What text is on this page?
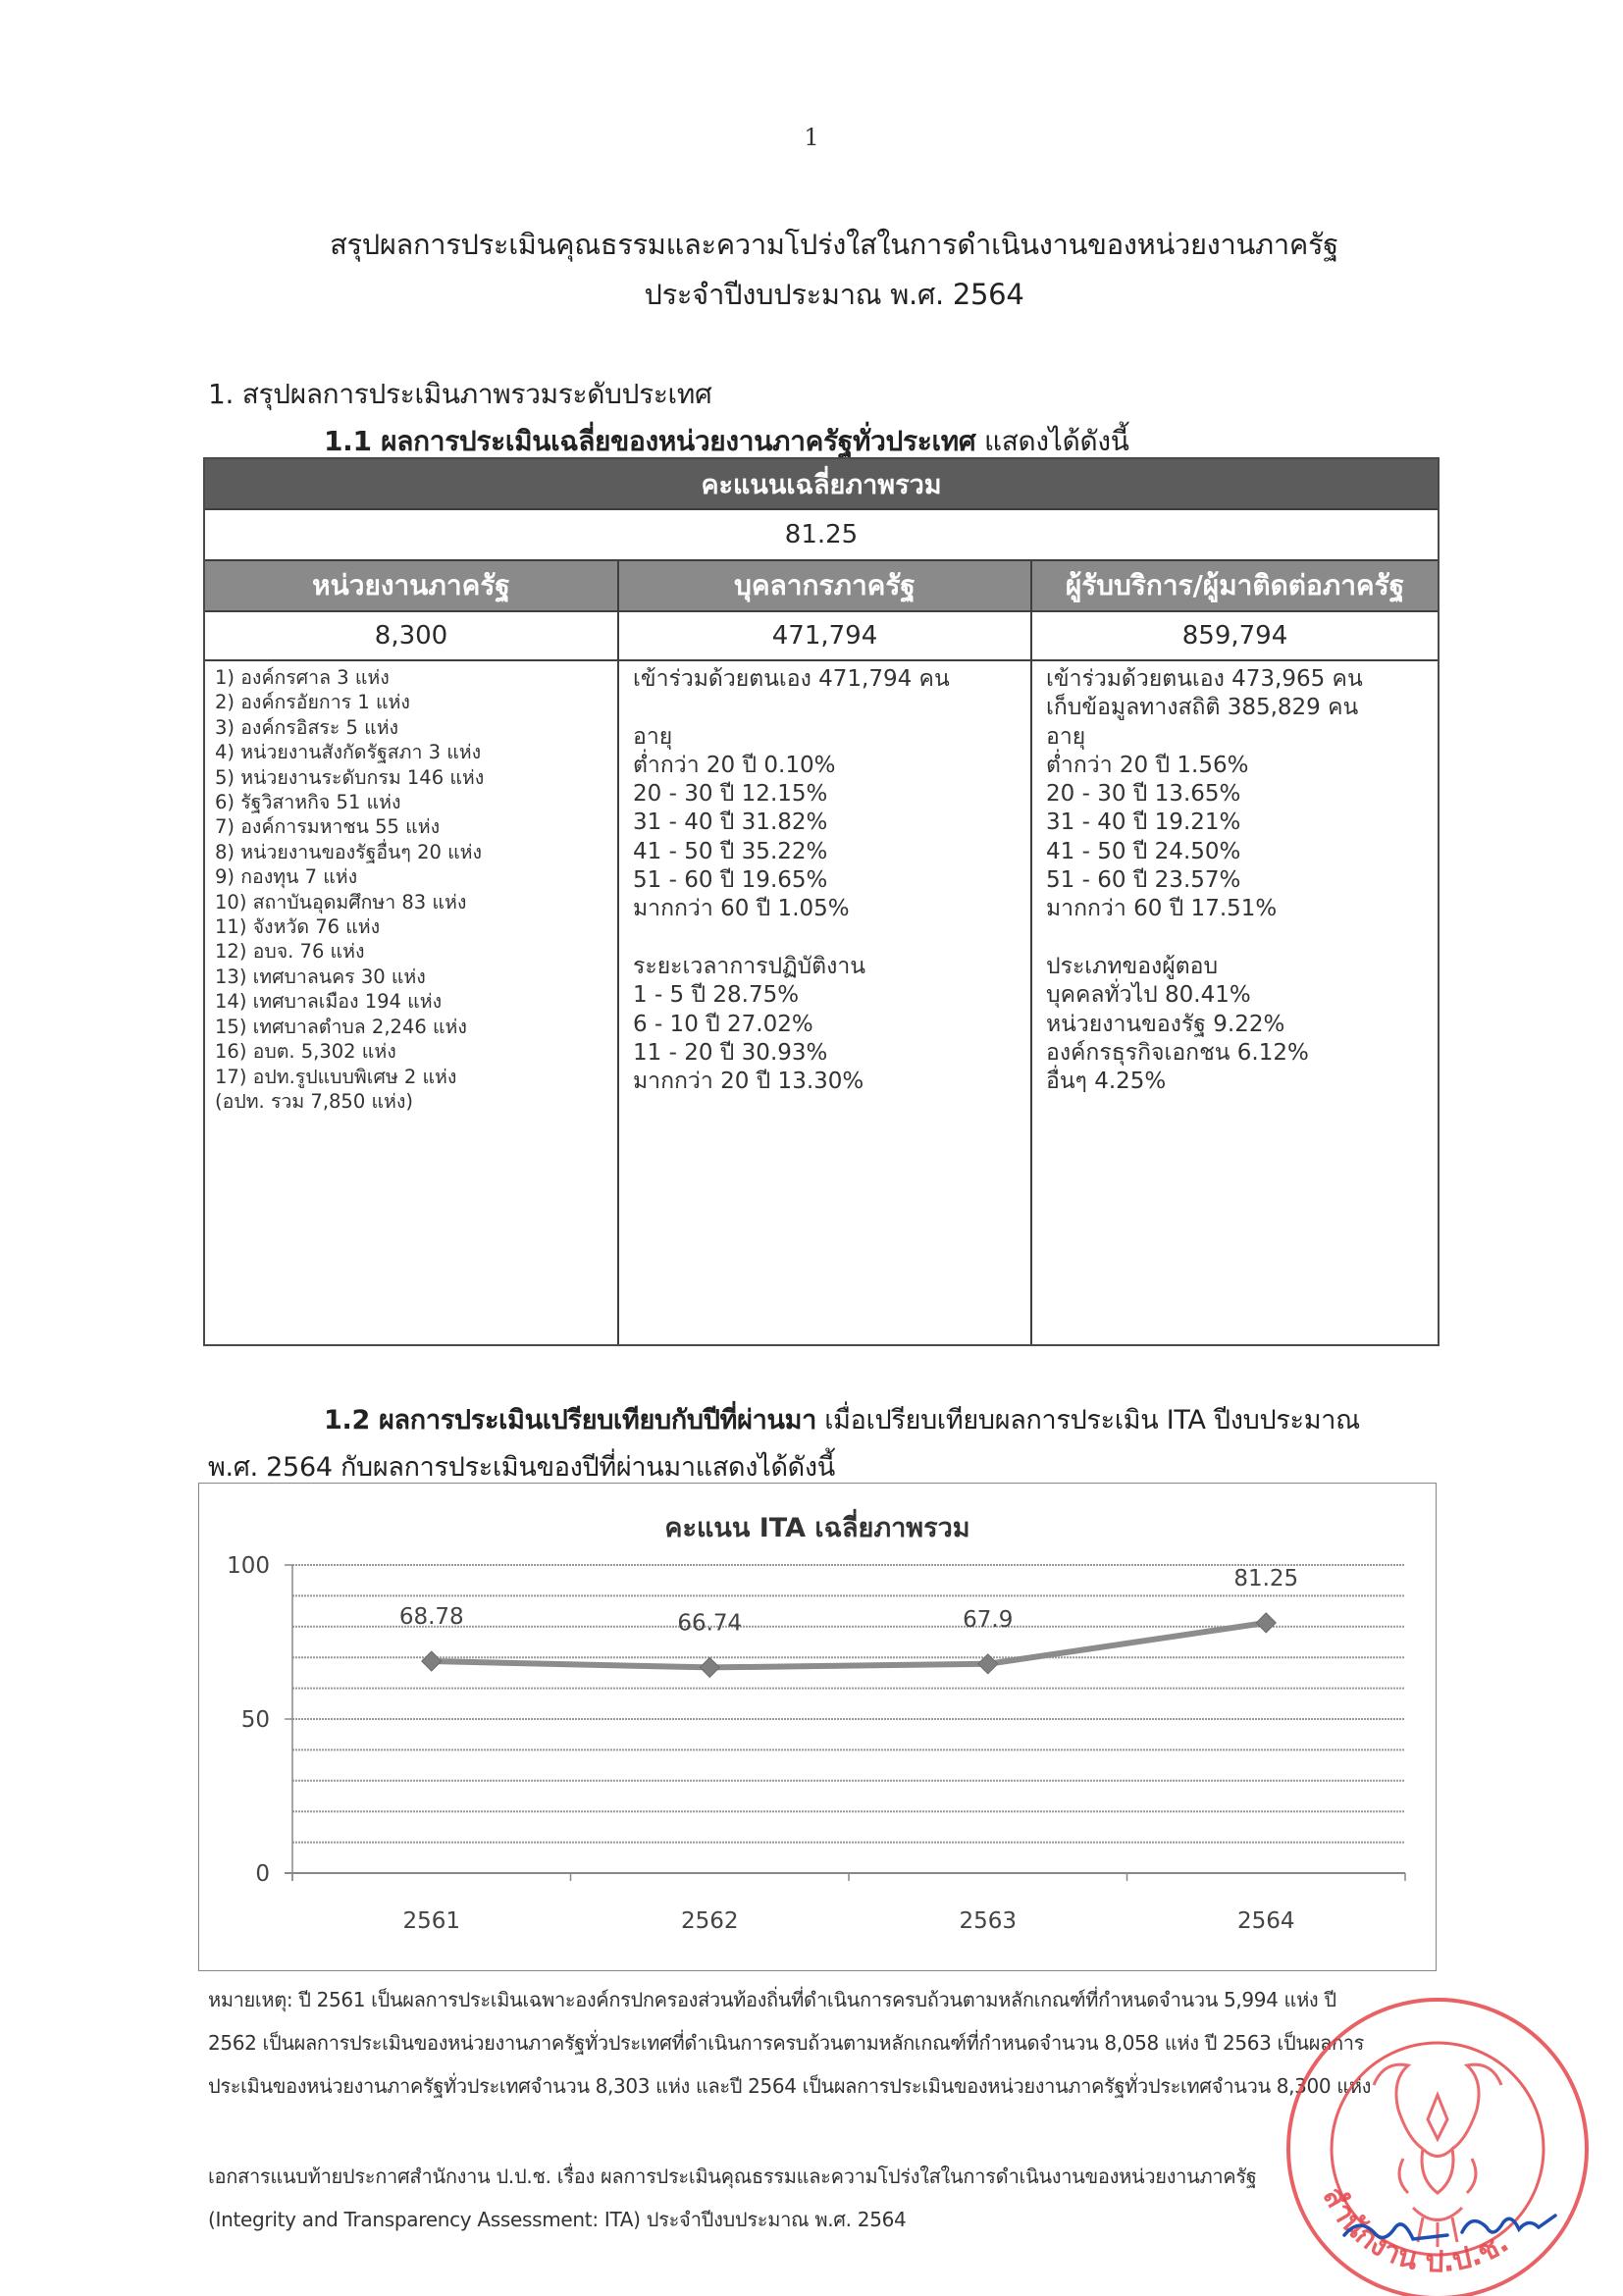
1
สรุปผลการประเมินคุณธรรมและความโปร่งใสในการดำเนินงานของหน่วยงานภาครัฐ
ประจำปีงบประมาณ พ.ศ. 2564
1. สรุปผลการประเมินภาพรวมระดับประเทศ
1.1 ผลการประเมินเฉลี่ยของหน่วยงานภาครัฐทั่วประเทศ แสดงได้ดังนี้
คะแนนเฉลี่ยภาพรวม
81.25
หน่วยงานภาครัฐ	บุคลากรภาครัฐ	ผู้รับบริการ/ผู้มาติดต่อภาครัฐ
8,300	471,794	859,794
1) องค์กรศาล 3 แห่ง
2) องค์กรอัยการ 1 แห่ง
3) องค์กรอิสระ 5 แห่ง
4) หน่วยงานสังกัดรัฐสภา 3 แห่ง
5) หน่วยงานระดับกรม 146 แห่ง
6) รัฐวิสาหกิจ 51 แห่ง
7) องค์การมหาชน 55 แห่ง
8) หน่วยงานของรัฐอื่นๆ 20 แห่ง
9) กองทุน 7 แห่ง
10) สถาบันอุดมศึกษา 83 แห่ง
11) จังหวัด 76 แห่ง
12) อบจ. 76 แห่ง
13) เทศบาลนคร 30 แห่ง
14) เทศบาลเมือง 194 แห่ง
15) เทศบาลตำบล 2,246 แห่ง
16) อบต. 5,302 แห่ง
17) อปท.รูปแบบพิเศษ 2 แห่ง
(อปท. รวม 7,850 แห่ง)
เข้าร่วมด้วยตนเอง 471,794 คน
อายุ
ต่ำกว่า 20 ปี 0.10%
20 - 30 ปี 12.15%
31 - 40 ปี 31.82%
41 - 50 ปี 35.22%
51 - 60 ปี 19.65%
มากกว่า 60 ปี 1.05%
ระยะเวลาการปฏิบัติงาน
1 - 5 ปี 28.75%
6 - 10 ปี 27.02%
11 - 20 ปี 30.93%
มากกว่า 20 ปี 13.30%
เข้าร่วมด้วยตนเอง 473,965 คน
เก็บข้อมูลทางสถิติ 385,829 คน
อายุ
ต่ำกว่า 20 ปี 1.56%
20 - 30 ปี 13.65%
31 - 40 ปี 19.21%
41 - 50 ปี 24.50%
51 - 60 ปี 23.57%
มากกว่า 60 ปี 17.51%
ประเภทของผู้ตอบ
บุคคลทั่วไป 80.41%
หน่วยงานของรัฐ 9.22%
องค์กรธุรกิจเอกชน 6.12%
อื่นๆ 4.25%
1.2 ผลการประเมินเปรียบเทียบกับปีที่ผ่านมา เมื่อเปรียบเทียบผลการประเมิน ITA ปีงบประมาณ
พ.ศ. 2564 กับผลการประเมินของปีที่ผ่านมาแสดงได้ดังนี้
คะแนน ITA เฉลี่ยภาพรวม
0
50
100
2561	2562	2563	2564
68.78	66.74	67.9
81.25
หมายเหตุ: ปี 2561 เป็นผลการประเมินเฉพาะองค์กรปกครองส่วนท้องถิ่นที่ดำเนินการครบถ้วนตามหลักเกณฑ์ที่กำหนดจำนวน 5,994 แห่ง ปี
2562 เป็นผลการประเมินของหน่วยงานภาครัฐทั่วประเทศที่ดำเนินการครบถ้วนตามหลักเกณฑ์ที่กำหนดจำนวน 8,058 แห่ง ปี 2563 เป็นผลการ
ประเมินของหน่วยงานภาครัฐทั่วประเทศจำนวน 8,303 แห่ง และปี 2564 เป็นผลการประเมินของหน่วยงานภาครัฐทั่วประเทศจำนวน 8,300 แห่ง
เอกสารแนบท้ายประกาศสำนักงาน ป.ป.ช. เรื่อง ผลการประเมินคุณธรรมและความโปร่งใสในการดำเนินงานของหน่วยงานภาครัฐ
(Integrity and Transparency Assessment: ITA) ประจำปีงบประมาณ พ.ศ. 2564	สำนักงาน ป.ป.ช.
